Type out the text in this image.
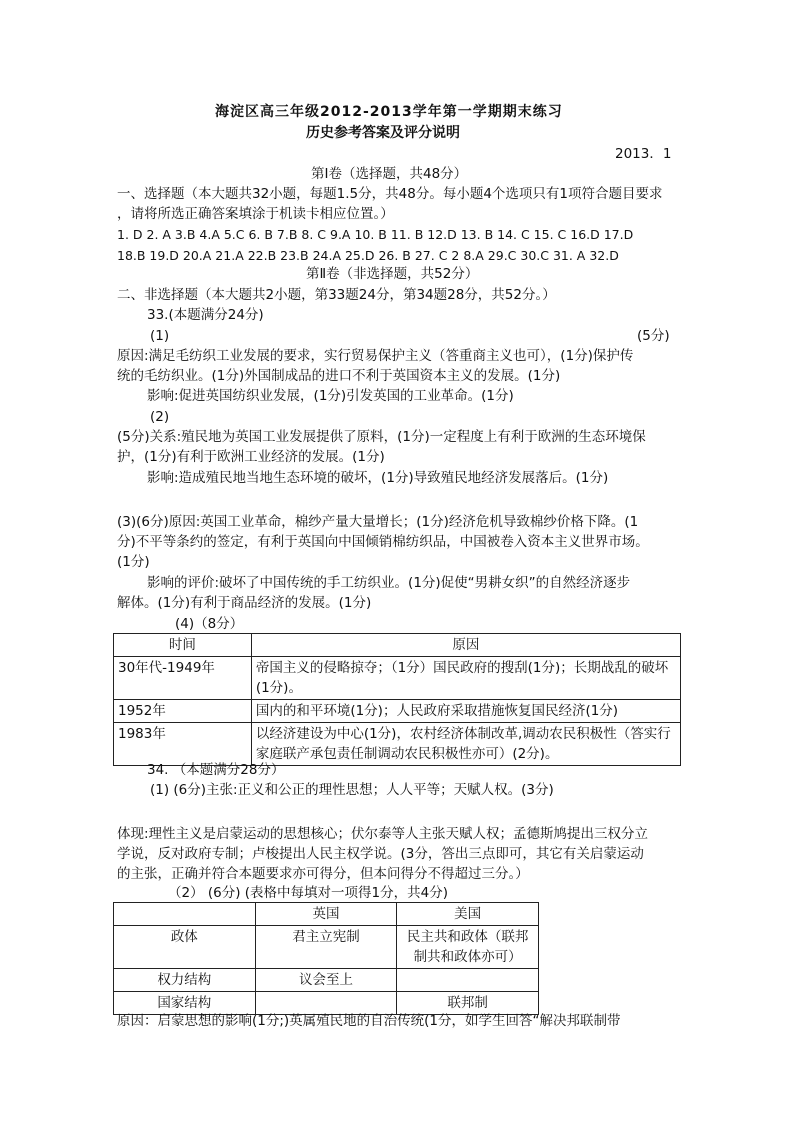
海淀区高三年级2012-2013学年第一学期期末练习
历史参考答案及评分说明
2013．1
第Ⅰ卷（选择题，共48分）
一、选择题（本大题共32小题，每题1.5分，共48分。每小题4个选项只有1项符合题目要求
，请将所选正确答案填涂于机读卡相应位置。）
1. D 2. A 3.B 4.A 5.C 6. B 7.B 8. C 9.A 10. B 11. B 12.D 13. B 14. C 15. C 16.D 17.D
18.B 19.D 20.A 21.A 22.B 23.B 24.A 25.D 26. B 27. C 2 8.A 29.C 30.C 31. A 32.D
第Ⅱ卷（非选择题，共52分）
二、非选择题（本大题共2小题，第33题24分，第34题28分，共52分。）
33.(本题满分24分)
(1)	(5分)
原因:满足毛纺织工业发展的要求，实行贸易保护主义（答重商主义也可），(1分)保护传
统的毛纺织业。(1分)外国制成品的进口不利于英国资本主义的发展。(1分)
影响:促进英国纺织业发展，(1分)引发英国的工业革命。(1分)
(2)
(5分)关系:殖民地为英国工业发展提供了原料，(1分)一定程度上有利于欧洲的生态环境保
护，(1分)有利于欧洲工业经济的发展。(1分)
影响:造成殖民地当地生态环境的破坏，(1分)导致殖民地经济发展落后。(1分)
(3)(6分)原因:英国工业革命，棉纱产量大量增长；(1分)经济危机导致棉纱价格下降。(1
分)不平等条约的签定，有利于英国向中国倾销棉纺织品，中国被卷入资本主义世界市场。
(1分)
影响的评价:破坏了中国传统的手工纺织业。(1分)促使“男耕女织”的自然经济逐步
解体。(1分)有利于商品经济的发展。(1分)
(4)（8分）
时间	原因
30年代-1949年	帝国主义的侵略掠夺；（1分）国民政府的搜刮(1分)；长期战乱的破坏(1分)。
1952年	国内的和平环境(1分)；人民政府采取措施恢复国民经济(1分)
1983年	以经济建设为中心(1分)，农村经济体制改革,调动农民积极性（答实行家庭联产承包责任制调动农民积极性亦可）(2分)。
34. （本题满分28分）
(1) (6分)主张:正义和公正的理性思想；人人平等；天赋人权。(3分)
体现:理性主义是启蒙运动的思想核心；伏尔泰等人主张天赋人权；孟德斯鸠提出三权分立
学说，反对政府专制；卢梭提出人民主权学说。(3分，答出三点即可，其它有关启蒙运动
的主张，正确并符合本题要求亦可得分，但本问得分不得超过三分。）
（2） (6分) (表格中每填对一项得1分，共4分)
	英国	美国
政体	君主立宪制	民主共和政体（联邦制共和政体亦可）
权力结构	议会至上	
国家结构		联邦制
原因：启蒙思想的影响(1分;)英属殖民地的自治传统(1分，如学生回答“解决邦联制带
